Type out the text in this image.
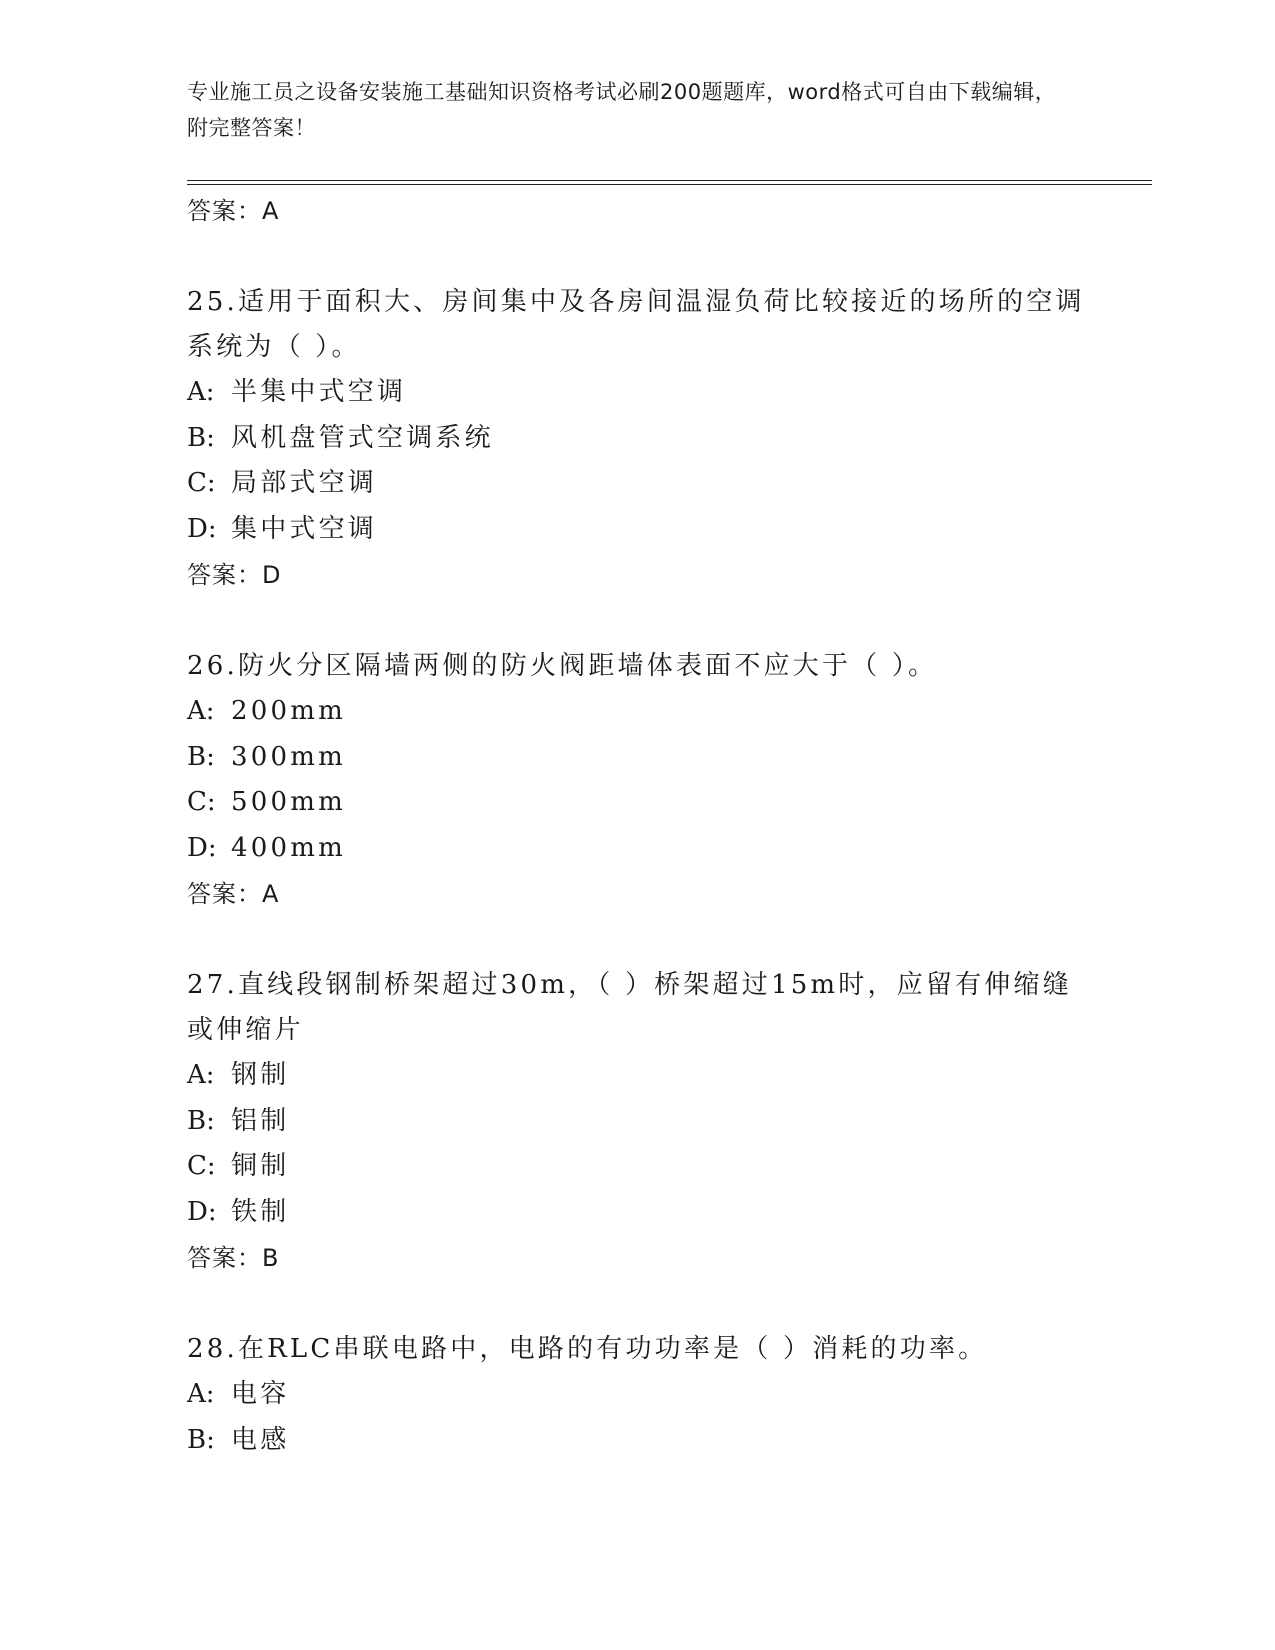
专业施工员之设备安装施工基础知识资格考试必刷200题题库，word格式可自由下载编辑，附完整答案！
答案：A
25.适用于面积大、房间集中及各房间温湿负荷比较接近的场所的空调系统为（ ）。
A: 半集中式空调
B: 风机盘管式空调系统
C: 局部式空调
D: 集中式空调
答案：D
26.防火分区隔墙两侧的防火阀距墙体表面不应大于（ ）。
A: 200mm
B: 300mm
C: 500mm
D: 400mm
答案：A
27.直线段钢制桥架超过30m，（ ）桥架超过15m时，应留有伸缩缝或伸缩片
A: 钢制
B: 铝制
C: 铜制
D: 铁制
答案：B
28.在RLC串联电路中，电路的有功功率是（ ）消耗的功率。
A: 电容
B: 电感
